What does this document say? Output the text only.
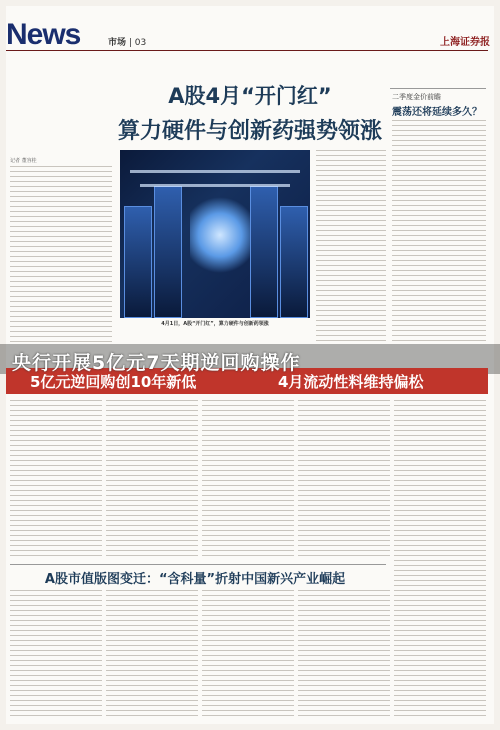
News	市场 | 03	上海证券报
A股4月“开门红”
算力硬件与创新药强势领涨
记者 董容桂
4月1日，A股“开门红”，算力硬件与创新药领涨
二季度金价前瞻
震荡还将延续多久？
5亿元逆回购创10年新低	4月流动性料维持偏松
央行开展5亿元7天期逆回购操作
A股市值版图变迁：“含科量”折射中国新兴产业崛起
